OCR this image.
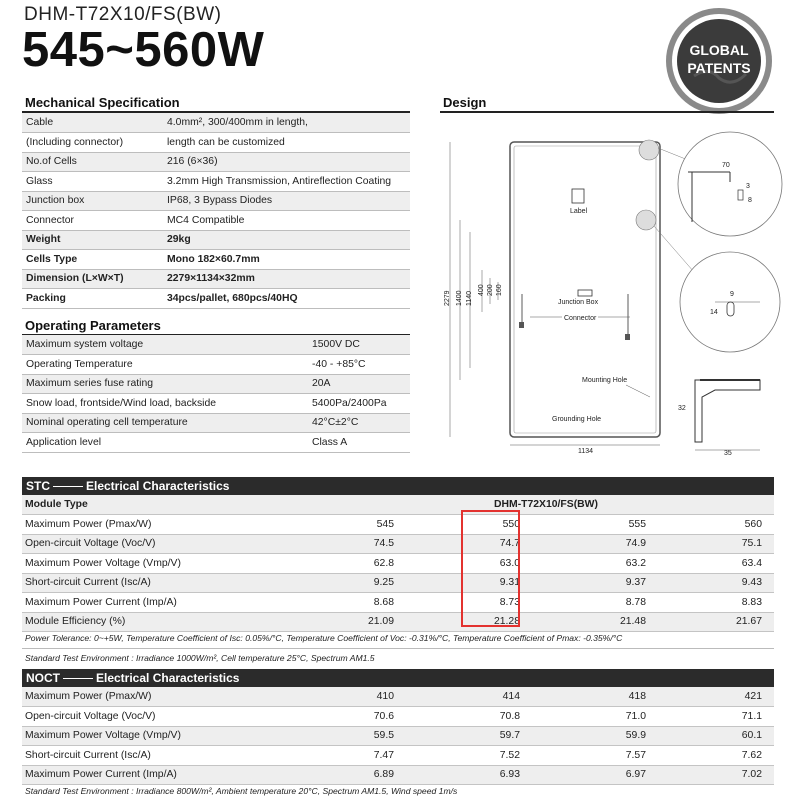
DHM-T72X10/FS(BW)
545~560W	GLOBAL
PATENTS
Mechanical Specification
Cable	4.0mm², 300/400mm in length,
(Including connector)	length can be customized
No.of Cells	216 (6×36)
Glass	3.2mm High Transmission, Antireflection Coating
Junction box	IP68, 3 Bypass Diodes
Connector	MC4 Compatible
Weight	29kg
Cells Type	Mono 182×60.7mm
Dimension (L×W×T)	2279×1134×32mm
Packing	34pcs/pallet, 680pcs/40HQ
Operating Parameters
Maximum system voltage	1500V DC
Operating Temperature	-40 - +85°C
Maximum series fuse rating	20A
Snow load, frontside/Wind load, backside	5400Pa/2400Pa
Nominal operating cell temperature	42°C±2°C
Application level	Class A
Design
Label
2279 1400 1140
400 200 160
Junction Box
Connector
Mounting Hole
Grounding Hole
1134
70
3
8
9
14
32
35
STC	Electrical Characteristics
Module Type	DHM-T72X10/FS(BW)			
Maximum Power (Pmax/W)	545	550	555	560
Open-circuit Voltage (Voc/V)	74.5	74.7	74.9	75.1
Maximum Power Voltage (Vmp/V)	62.8	63.0	63.2	63.4
Short-circuit Current (Isc/A)	9.25	9.31	9.37	9.43
Maximum Power Current (Imp/A)	8.68	8.73	8.78	8.83
Module Efficiency (%)	21.09	21.28	21.48	21.67
Power Tolerance: 0~+5W, Temperature Coefficient of Isc: 0.05%/°C, Temperature Coefficient of Voc: -0.31%/°C, Temperature Coefficient of Pmax: -0.35%/°C
Standard Test Environment : Irradiance 1000W/m², Cell temperature 25°C, Spectrum AM1.5
NOCT	Electrical Characteristics
Maximum Power (Pmax/W)	410	414	418	421
Open-circuit Voltage (Voc/V)	70.6	70.8	71.0	71.1
Maximum Power Voltage (Vmp/V)	59.5	59.7	59.9	60.1
Short-circuit Current (Isc/A)	7.47	7.52	7.57	7.62
Maximum Power Current (Imp/A)	6.89	6.93	6.97	7.02
Standard Test Environment : Irradiance 800W/m², Ambient temperature 20°C, Spectrum AM1.5, Wind speed 1m/s
